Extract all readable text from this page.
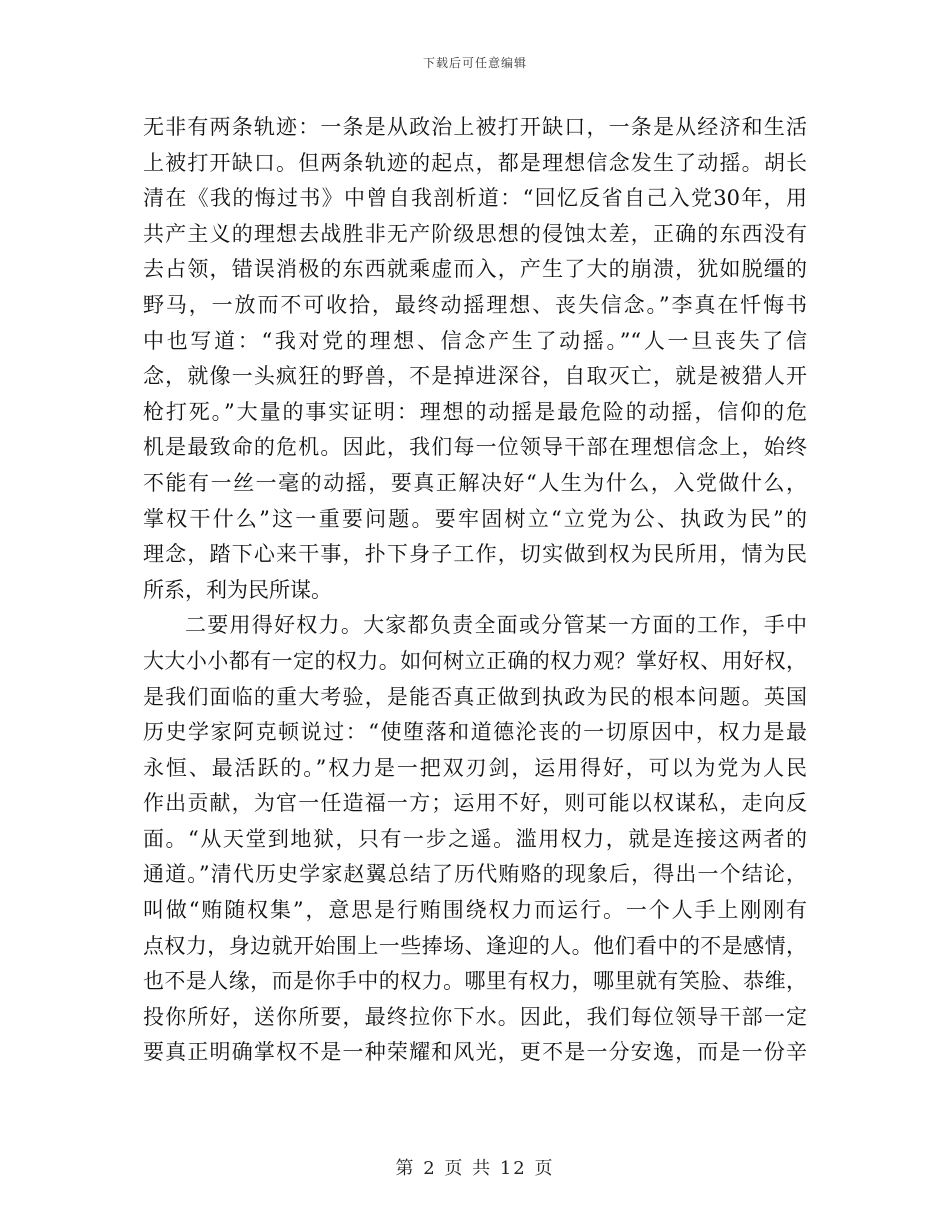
下载后可任意编辑
无非有两条轨迹：一条是从政治上被打开缺口，一条是从经济和生活
上被打开缺口。但两条轨迹的起点，都是理想信念发生了动摇。胡长
清在《我的悔过书》中曾自我剖析道：“回忆反省自己入党30年，用
共产主义的理想去战胜非无产阶级思想的侵蚀太差，正确的东西没有
去占领，错误消极的东西就乘虚而入，产生了大的崩溃，犹如脱缰的
野马，一放而不可收拾，最终动摇理想、丧失信念。”李真在忏悔书
中也写道：“我对党的理想、信念产生了动摇。”“人一旦丧失了信
念，就像一头疯狂的野兽，不是掉进深谷，自取灭亡，就是被猎人开
枪打死。”大量的事实证明：理想的动摇是最危险的动摇，信仰的危
机是最致命的危机。因此，我们每一位领导干部在理想信念上，始终
不能有一丝一毫的动摇，要真正解决好“人生为什么，入党做什么，
掌权干什么”这一重要问题。要牢固树立“立党为公、执政为民”的
理念，踏下心来干事，扑下身子工作，切实做到权为民所用，情为民
所系，利为民所谋。
二要用得好权力。大家都负责全面或分管某一方面的工作，手中
大大小小都有一定的权力。如何树立正确的权力观？掌好权、用好权，
是我们面临的重大考验，是能否真正做到执政为民的根本问题。英国
历史学家阿克顿说过：“使堕落和道德沦丧的一切原因中，权力是最
永恒、最活跃的。”权力是一把双刃剑，运用得好，可以为党为人民
作出贡献，为官一任造福一方；运用不好，则可能以权谋私，走向反
面。“从天堂到地狱，只有一步之遥。滥用权力，就是连接这两者的
通道。”清代历史学家赵翼总结了历代贿赂的现象后，得出一个结论，
叫做“贿随权集”，意思是行贿围绕权力而运行。一个人手上刚刚有
点权力，身边就开始围上一些捧场、逢迎的人。他们看中的不是感情，
也不是人缘，而是你手中的权力。哪里有权力，哪里就有笑脸、恭维，
投你所好，送你所要，最终拉你下水。因此，我们每位领导干部一定
要真正明确掌权不是一种荣耀和风光，更不是一分安逸，而是一份辛
第 2 页 共 12 页
